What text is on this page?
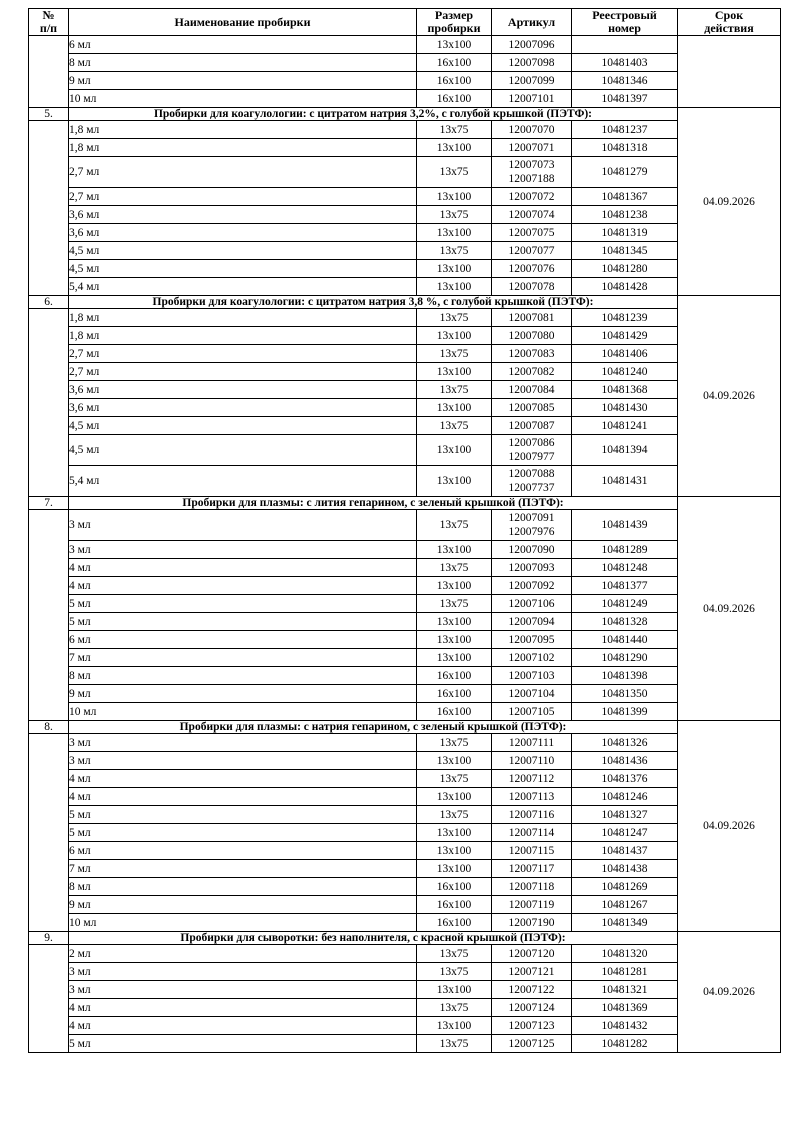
№
п/п	Наименование пробирки	Размер
пробирки	Артикул	Реестровый
номер	Срок
действия
	6 мл	13x100	12007096		
	8 мл	16x100	12007098	10481403	
	9 мл	16x100	12007099	10481346	
	10 мл	16x100	12007101	10481397	
5.	Пробирки для коагулологии: с цитратом натрия 3,2%, с голубой крышкой (ПЭТФ):				04.09.2026
	1,8 мл	13x75	12007070	10481237	
	1,8 мл	13x100	12007071	10481318	
	2,7 мл	13x75	12007073
12007188	10481279	
	2,7 мл	13x100	12007072	10481367	
	3,6 мл	13x75	12007074	10481238	
	3,6 мл	13x100	12007075	10481319	
	4,5 мл	13x75	12007077	10481345	
	4,5 мл	13x100	12007076	10481280	
	5,4 мл	13x100	12007078	10481428	
6.	Пробирки для коагулологии: с цитратом натрия 3,8 %, с голубой крышкой (ПЭТФ):				04.09.2026
	1,8 мл	13x75	12007081	10481239	
	1,8 мл	13x100	12007080	10481429	
	2,7 мл	13x75	12007083	10481406	
	2,7 мл	13x100	12007082	10481240	
	3,6 мл	13x75	12007084	10481368	
	3,6 мл	13x100	12007085	10481430	
	4,5 мл	13x75	12007087	10481241	
	4,5 мл	13x100	12007086
12007977	10481394	
	5,4 мл	13x100	12007088
12007737	10481431	
7.	Пробирки для плазмы: с лития гепарином, с зеленый крышкой (ПЭТФ):				04.09.2026
	3 мл	13x75	12007091
12007976	10481439	
	3 мл	13x100	12007090	10481289	
	4 мл	13x75	12007093	10481248	
	4 мл	13x100	12007092	10481377	
	5 мл	13x75	12007106	10481249	
	5 мл	13x100	12007094	10481328	
	6 мл	13x100	12007095	10481440	
	7 мл	13x100	12007102	10481290	
	8 мл	16x100	12007103	10481398	
	9 мл	16x100	12007104	10481350	
	10 мл	16x100	12007105	10481399	
8.	Пробирки для плазмы: с натрия гепарином, с зеленый крышкой (ПЭТФ):				04.09.2026
	3 мл	13x75	12007111	10481326	
	3 мл	13x100	12007110	10481436	
	4 мл	13x75	12007112	10481376	
	4 мл	13x100	12007113	10481246	
	5 мл	13x75	12007116	10481327	
	5 мл	13x100	12007114	10481247	
	6 мл	13x100	12007115	10481437	
	7 мл	13x100	12007117	10481438	
	8 мл	16x100	12007118	10481269	
	9 мл	16x100	12007119	10481267	
	10 мл	16x100	12007190	10481349	
9.	Пробирки для сыворотки: без наполнителя, с красной крышкой (ПЭТФ):				04.09.2026
	2 мл	13x75	12007120	10481320	
	3 мл	13x75	12007121	10481281	
	3 мл	13x100	12007122	10481321	
	4 мл	13x75	12007124	10481369	
	4 мл	13x100	12007123	10481432	
	5 мл	13x75	12007125	10481282	
